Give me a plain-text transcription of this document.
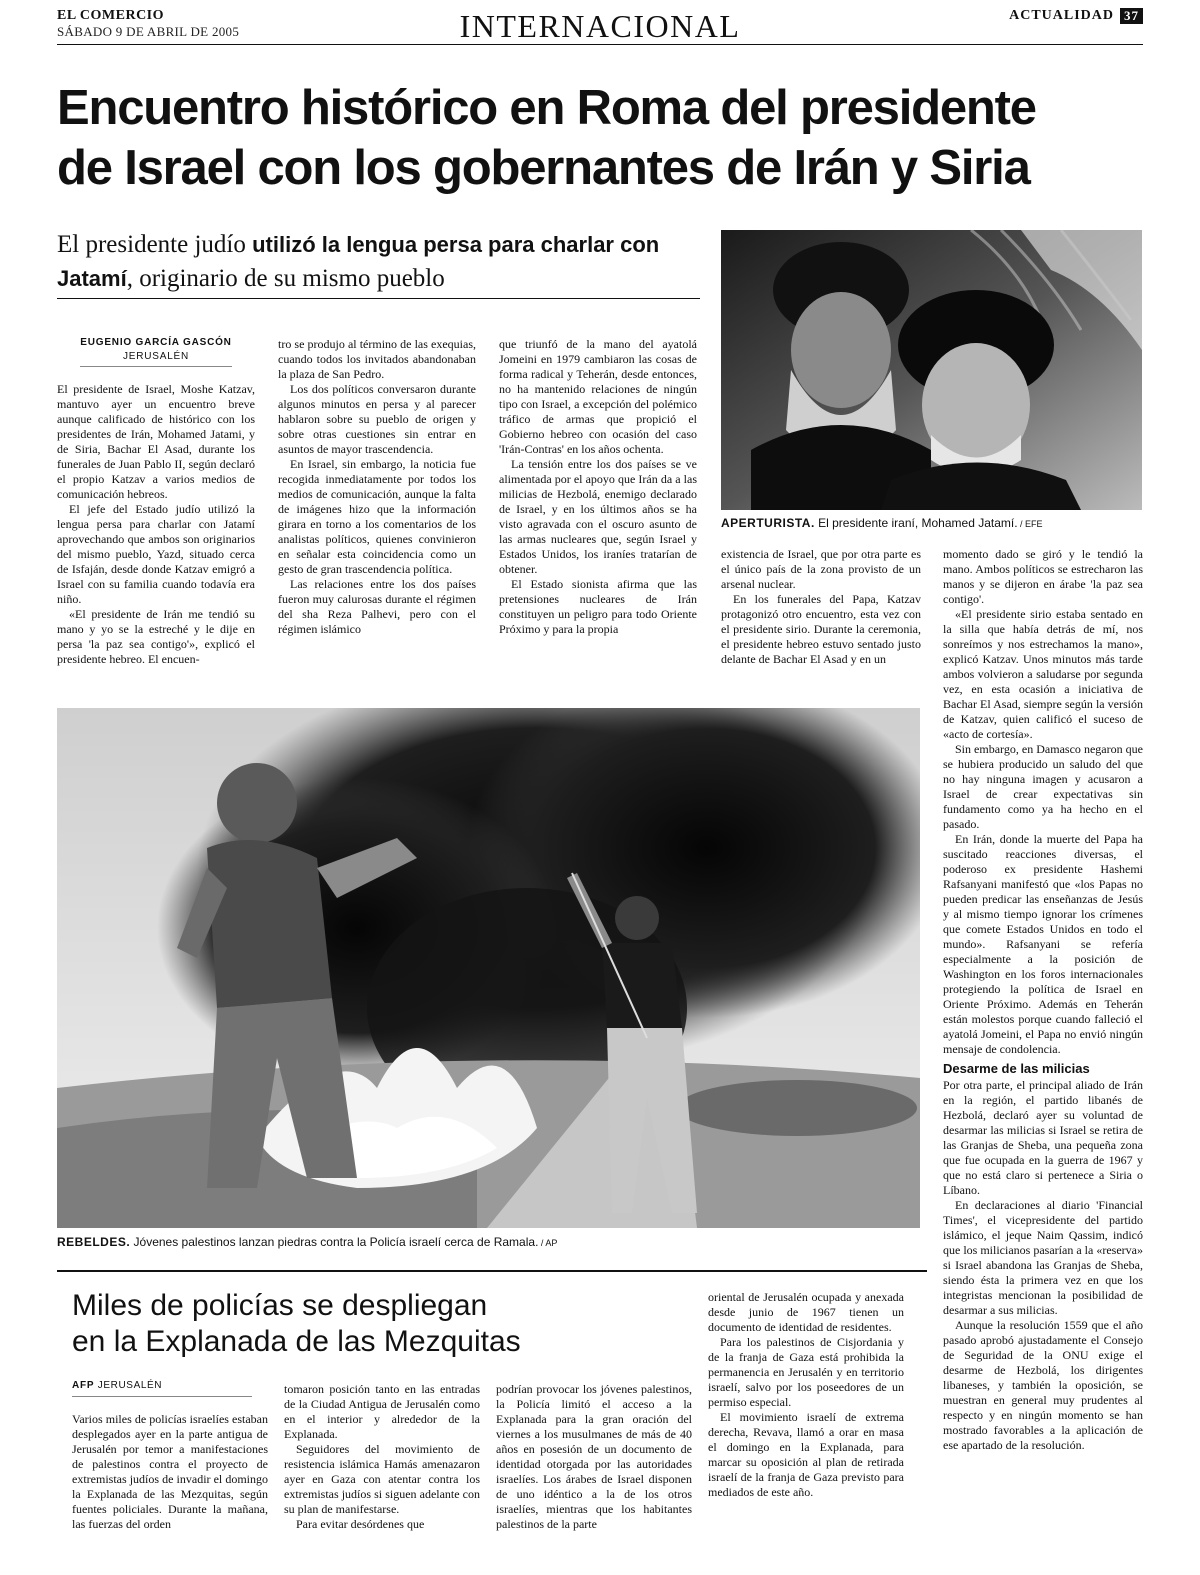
EL COMERCIO
SÁBADO 9 DE ABRIL DE 2005	INTERNACIONAL	ACTUALIDAD 37
Encuentro histórico en Roma del presidente
de Israel con los gobernantes de Irán y Siria
El presidente judío utilizó la lengua persa para charlar con Jatamí, originario de su mismo pueblo
EUGENIO GARCÍA GASCÓN
JERUSALÉN

El presidente de Israel, Moshe Katzav, mantuvo ayer un encuentro breve aunque calificado de histórico con los presidentes de Irán, Mohamed Jatami, y de Siria, Bachar El Asad, durante los funerales de Juan Pablo II, según declaró el propio Katzav a varios medios de comunicación hebreos.

El jefe del Estado judío utilizó la lengua persa para charlar con Jatamí aprovechando que ambos son originarios del mismo pueblo, Yazd, situado cerca de Isfaján, desde donde Katzav emigró a Israel con su familia cuando todavía era niño.

«El presidente de Irán me tendió su mano y yo se la estreché y le dije en persa 'la paz sea contigo'», explicó el presidente hebreo. El encuen-

tro se produjo al término de las exequias, cuando todos los invitados abandonaban la plaza de San Pedro.

Los dos políticos conversaron durante algunos minutos en persa y al parecer hablaron sobre su pueblo de origen y sobre otras cuestiones sin entrar en asuntos de mayor trascendencia.

En Israel, sin embargo, la noticia fue recogida inmediatamente por todos los medios de comunicación, aunque la falta de imágenes hizo que la información girara en torno a los comentarios de los analistas políticos, quienes convinieron en señalar esta coincidencia como un gesto de gran trascendencia política.

Las relaciones entre los dos países fueron muy calurosas durante el régimen del sha Reza Palhevi, pero con el régimen islámico

que triunfó de la mano del ayatolá Jomeini en 1979 cambiaron las cosas de forma radical y Teherán, desde entonces, no ha mantenido relaciones de ningún tipo con Israel, a excepción del polémico tráfico de armas que propició el Gobierno hebreo con ocasión del caso 'Irán-Contras' en los años ochenta.

La tensión entre los dos países se ve alimentada por el apoyo que Irán da a las milicias de Hezbolá, enemigo declarado de Israel, y en los últimos años se ha visto agravada con el oscuro asunto de las armas nucleares que, según Israel y Estados Unidos, los iraníes tratarían de obtener.

El Estado sionista afirma que las pretensiones nucleares de Irán constituyen un peligro para todo Oriente Próximo y para la propia

existencia de Israel, que por otra parte es el único país de la zona provisto de un arsenal nuclear.

En los funerales del Papa, Katzav protagonizó otro encuentro, esta vez con el presidente sirio. Durante la ceremonia, el presidente hebreo estuvo sentado justo delante de Bachar El Asad y en un

momento dado se giró y le tendió la mano. Ambos políticos se estrecharon las manos y se dijeron en árabe 'la paz sea contigo'.

«El presidente sirio estaba sentado en la silla que había detrás de mí, nos sonreímos y nos estrechamos la mano», explicó Katzav. Unos minutos más tarde ambos volvieron a saludarse por segunda vez, en esta ocasión a iniciativa de Bachar El Asad, siempre según la versión de Katzav, quien calificó el suceso de «acto de cortesía».

Sin embargo, en Damasco negaron que se hubiera producido un saludo del que no hay ninguna imagen y acusaron a Israel de crear expectativas sin fundamento como ya ha hecho en el pasado.

En Irán, donde la muerte del Papa ha suscitado reacciones diversas, el poderoso ex presidente Hashemi Rafsanyani manifestó que «los Papas no pueden predicar las enseñanzas de Jesús y al mismo tiempo ignorar los crímenes que comete Estados Unidos en todo el mundo». Rafsanyani se refería especialmente a la posición de Washington en los foros internacionales protegiendo la política de Israel en Oriente Próximo. Además en Teherán están molestos porque cuando falleció el ayatolá Jomeini, el Papa no envió ningún mensaje de condolencia.

Desarme de las milicias

Por otra parte, el principal aliado de Irán en la región, el partido libanés de Hezbolá, declaró ayer su voluntad de desarmar las milicias si Israel se retira de las Granjas de Sheba, una pequeña zona que fue ocupada en la guerra de 1967 y que no está claro si pertenece a Siria o Líbano.

En declaraciones al diario 'Financial Times', el vicepresidente del partido islámico, el jeque Naim Qassim, indicó que los milicianos pasarían a la «reserva» si Israel abandona las Granjas de Sheba, siendo ésta la primera vez en que los integristas mencionan la posibilidad de desarmar a sus milicias.

Aunque la resolución 1559 que el año pasado aprobó ajustadamente el Consejo de Seguridad de la ONU exige el desarme de Hezbolá, los dirigentes libaneses, y también la oposición, se muestran en general muy prudentes al respecto y en ningún momento se han mostrado favorables a la aplicación de ese apartado de la resolución.

APERTURISTA. El presidente iraní, Mohamed Jatamí. / EFE
REBELDES. Jóvenes palestinos lanzan piedras contra la Policía israelí cerca de Ramala. / AP
Miles de policías se despliegan
en la Explanada de las Mezquitas
AFP JERUSALÉN

Varios miles de policías israelíes estaban desplegados ayer en la parte antigua de Jerusalén por temor a manifestaciones de palestinos contra el proyecto de extremistas judíos de invadir el domingo la Explanada de las Mezquitas, según fuentes policiales. Durante la mañana, las fuerzas del orden

tomaron posición tanto en las entradas de la Ciudad Antigua de Jerusalén como en el interior y alrededor de la Explanada.

Seguidores del movimiento de resistencia islámica Hamás amenazaron ayer en Gaza con atentar contra los extremistas judíos si siguen adelante con su plan de manifestarse.

Para evitar desórdenes que

podrían provocar los jóvenes palestinos, la Policía limitó el acceso a la Explanada para la gran oración del viernes a los musulmanes de más de 40 años en posesión de un documento de identidad otorgada por las autoridades israelíes. Los árabes de Israel disponen de uno idéntico a la de los otros israelíes, mientras que los habitantes palestinos de la parte

oriental de Jerusalén ocupada y anexada desde junio de 1967 tienen un documento de identidad de residentes.

Para los palestinos de Cisjordania y de la franja de Gaza está prohibida la permanencia en Jerusalén y en territorio israelí, salvo por los poseedores de un permiso especial.

El movimiento israelí de extrema derecha, Revava, llamó a orar en masa el domingo en la Explanada, para marcar su oposición al plan de retirada israelí de la franja de Gaza previsto para mediados de este año.
